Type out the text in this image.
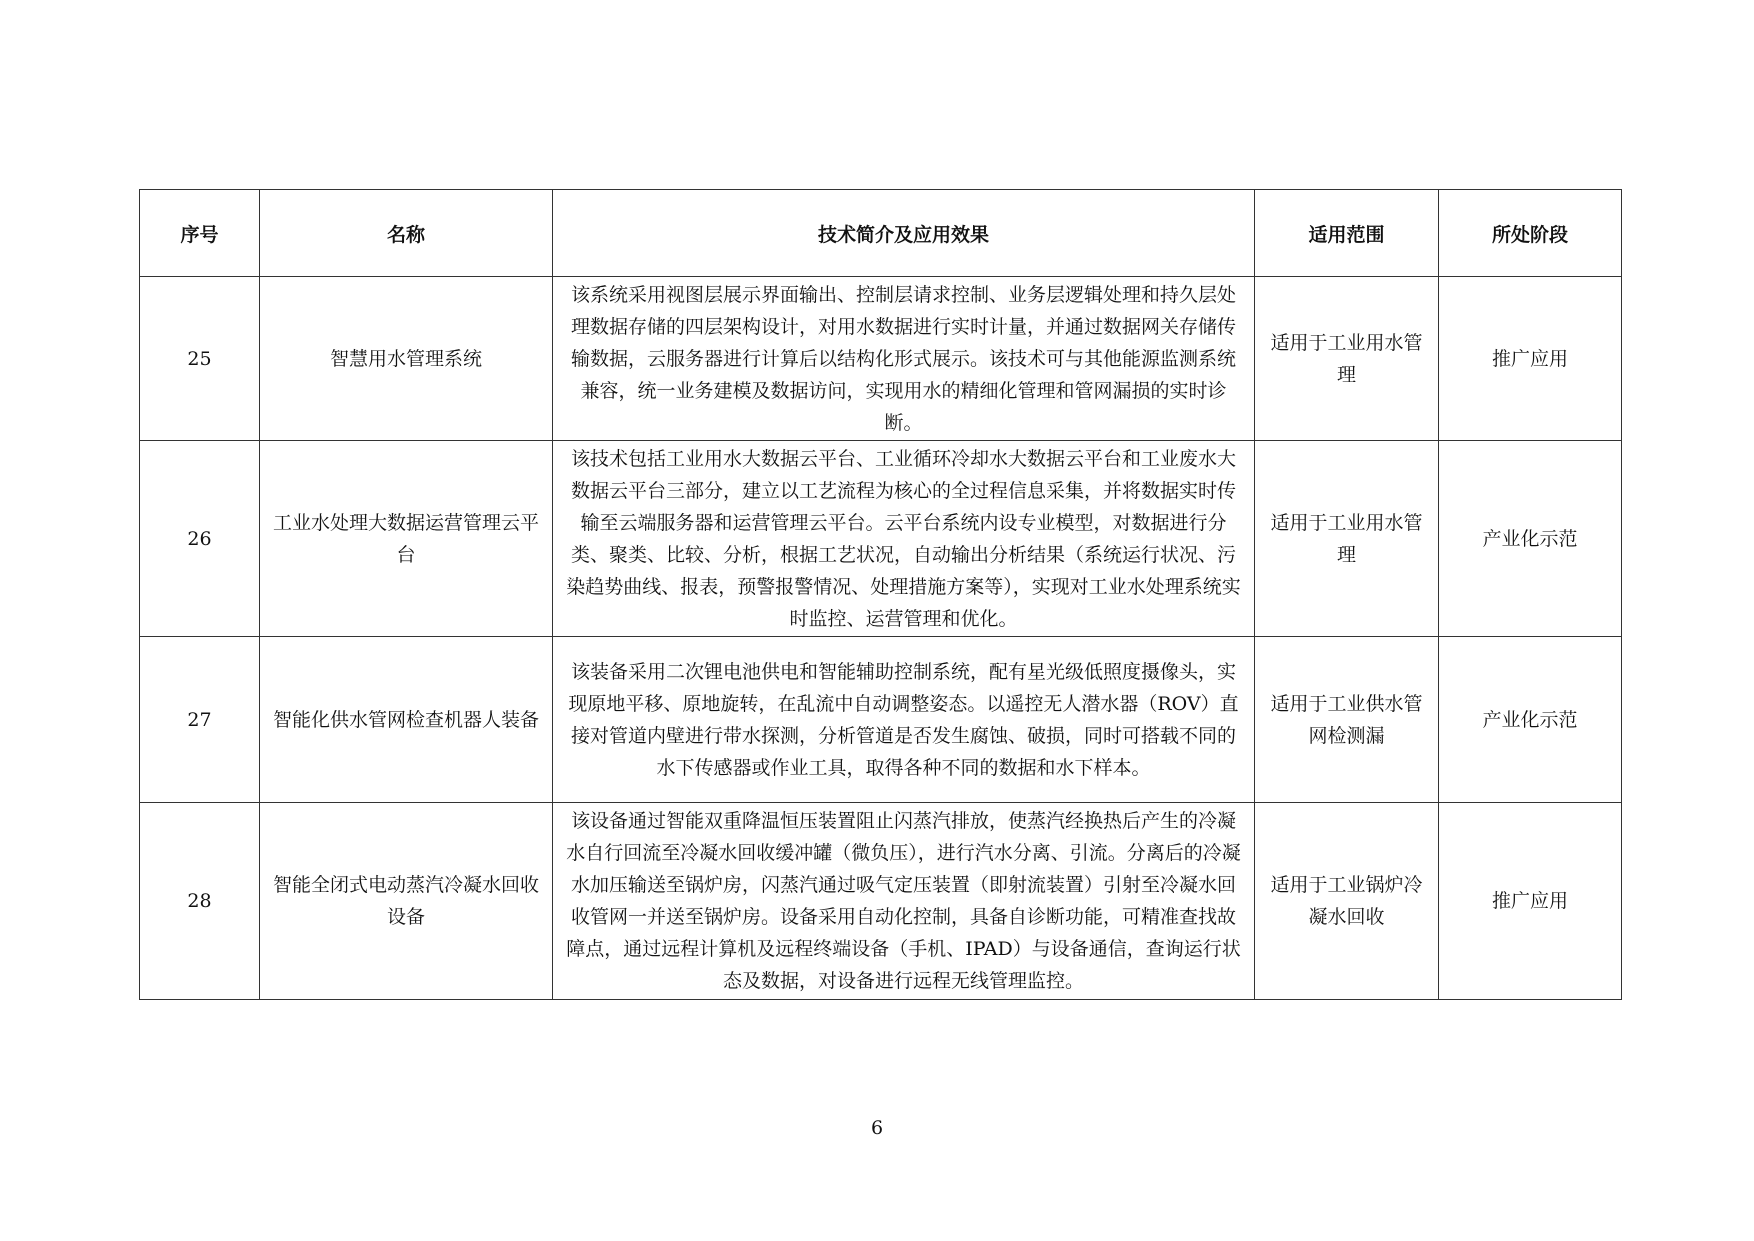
序号	名称	技术简介及应用效果	适用范围	所处阶段
25	智慧用水管理系统	该系统采用视图层展示界面输出、控制层请求控制、业务层逻辑处理和持久层处理数据存储的四层架构设计，对用水数据进行实时计量，并通过数据网关存储传输数据，云服务器进行计算后以结构化形式展示。该技术可与其他能源监测系统兼容，统一业务建模及数据访问，实现用水的精细化管理和管网漏损的实时诊断。	适用于工业用水管理	推广应用
26	工业水处理大数据运营管理云平台	该技术包括工业用水大数据云平台、工业循环冷却水大数据云平台和工业废水大数据云平台三部分，建立以工艺流程为核心的全过程信息采集，并将数据实时传输至云端服务器和运营管理云平台。云平台系统内设专业模型，对数据进行分类、聚类、比较、分析，根据工艺状况，自动输出分析结果（系统运行状况、污染趋势曲线、报表，预警报警情况、处理措施方案等），实现对工业水处理系统实时监控、运营管理和优化。	适用于工业用水管理	产业化示范
27	智能化供水管网检查机器人装备	该装备采用二次锂电池供电和智能辅助控制系统，配有星光级低照度摄像头，实现原地平移、原地旋转，在乱流中自动调整姿态。以遥控无人潜水器（ROV）直接对管道内壁进行带水探测，分析管道是否发生腐蚀、破损，同时可搭载不同的水下传感器或作业工具，取得各种不同的数据和水下样本。	适用于工业供水管网检测漏	产业化示范
28	智能全闭式电动蒸汽冷凝水回收设备	该设备通过智能双重降温恒压装置阻止闪蒸汽排放，使蒸汽经换热后产生的冷凝水自行回流至冷凝水回收缓冲罐（微负压），进行汽水分离、引流。分离后的冷凝水加压输送至锅炉房，闪蒸汽通过吸气定压装置（即射流装置）引射至冷凝水回收管网一并送至锅炉房。设备采用自动化控制，具备自诊断功能，可精准查找故障点，通过远程计算机及远程终端设备（手机、IPAD）与设备通信，查询运行状态及数据，对设备进行远程无线管理监控。	适用于工业锅炉冷凝水回收	推广应用
6
